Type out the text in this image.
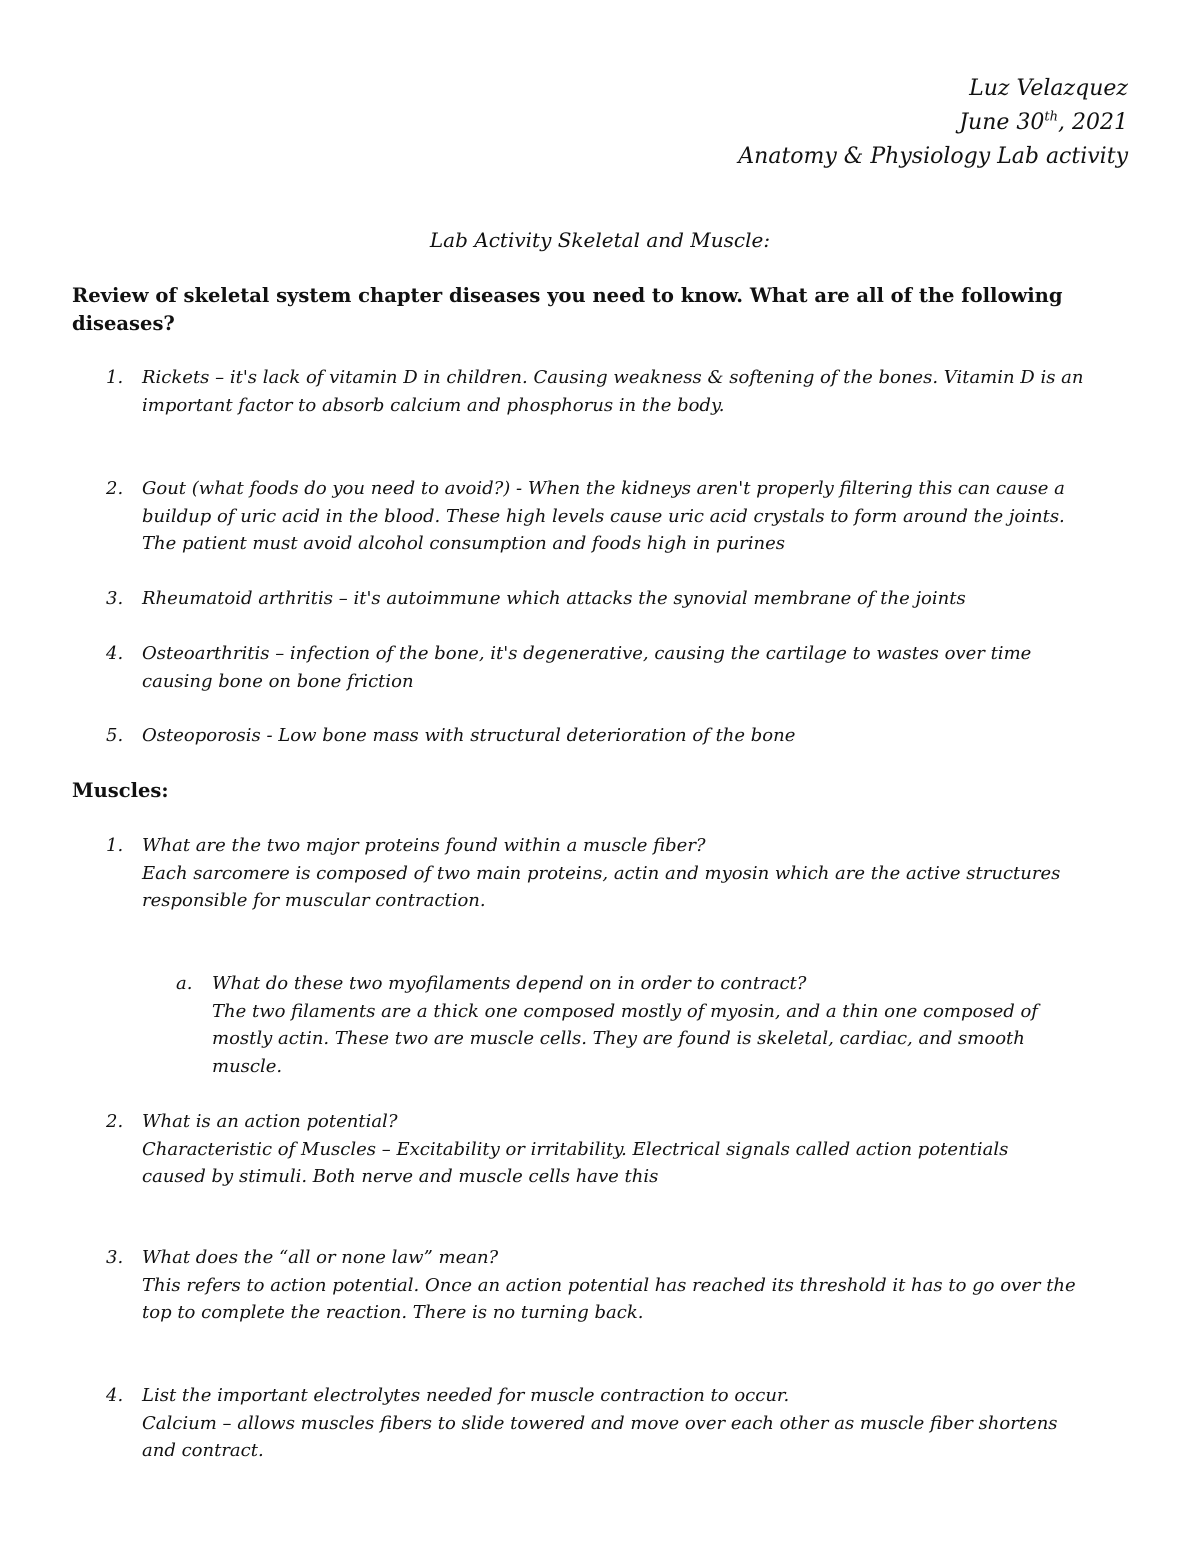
Luz Velazquez
June 30th, 2021
Anatomy & Physiology Lab activity
Lab Activity Skeletal and Muscle:
Review of skeletal system chapter diseases you need to know. What are all of the following
diseases?
1.	Rickets – it's lack of vitamin D in children. Causing weakness & softening of the bones. Vitamin D is an
important factor to absorb calcium and phosphorus in the body.
2.	Gout (what foods do you need to avoid?) - When the kidneys aren't properly filtering this can cause a
buildup of uric acid in the blood. These high levels cause uric acid crystals to form around the joints.
The patient must avoid alcohol consumption and foods high in purines
3.	Rheumatoid arthritis – it's autoimmune which attacks the synovial membrane of the joints
4.	Osteoarthritis – infection of the bone, it's degenerative, causing the cartilage to wastes over time
causing bone on bone friction
5.	Osteoporosis - Low bone mass with structural deterioration of the bone
Muscles:
1.	What are the two major proteins found within a muscle fiber?
Each sarcomere is composed of two main proteins, actin and myosin which are the active structures
responsible for muscular contraction.
a.	What do these two myofilaments depend on in order to contract?
The two filaments are a thick one composed mostly of myosin, and a thin one composed of
mostly actin. These two are muscle cells. They are found is skeletal, cardiac, and smooth
muscle.
2.	What is an action potential?
Characteristic of Muscles – Excitability or irritability. Electrical signals called action potentials
caused by stimuli. Both nerve and muscle cells have this
3.	What does the “all or none law” mean?
This refers to action potential. Once an action potential has reached its threshold it has to go over the
top to complete the reaction. There is no turning back.
4.	List the important electrolytes needed for muscle contraction to occur.
Calcium – allows muscles fibers to slide towered and move over each other as muscle fiber shortens
and contract.
